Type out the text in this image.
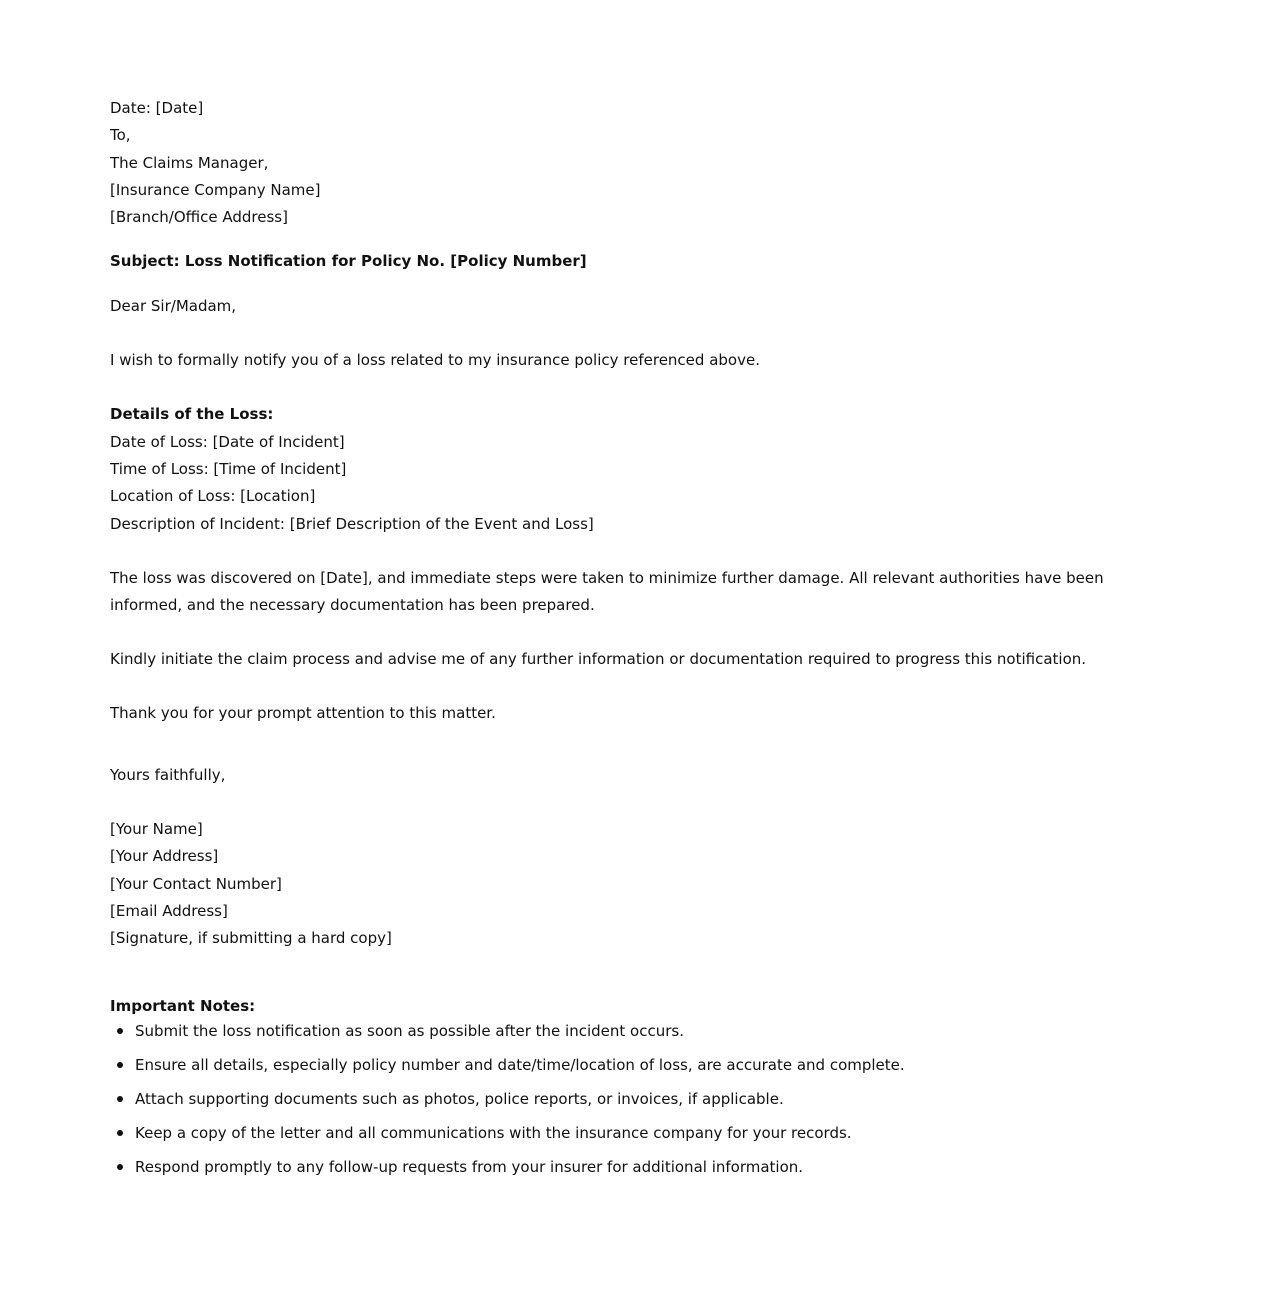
Date: [Date]

To,

The Claims Manager,

[Insurance Company Name]

[Branch/Office Address]

Subject: Loss Notification for Policy No. [Policy Number]

Dear Sir/Madam,

I wish to formally notify you of a loss related to my insurance policy referenced above.

Details of the Loss:

Date of Loss: [Date of Incident]

Time of Loss: [Time of Incident]

Location of Loss: [Location]

Description of Incident: [Brief Description of the Event and Loss]

The loss was discovered on [Date], and immediate steps were taken to minimize further damage. All relevant authorities have been informed, and the necessary documentation has been prepared.

Kindly initiate the claim process and advise me of any further information or documentation required to progress this notification.

Thank you for your prompt attention to this matter.

Yours faithfully,

[Your Name]

[Your Address]

[Your Contact Number]

[Email Address]

[Signature, if submitting a hard copy]

Important Notes:

Submit the loss notification as soon as possible after the incident occurs.
Ensure all details, especially policy number and date/time/location of loss, are accurate and complete.
Attach supporting documents such as photos, police reports, or invoices, if applicable.
Keep a copy of the letter and all communications with the insurance company for your records.
Respond promptly to any follow-up requests from your insurer for additional information.
